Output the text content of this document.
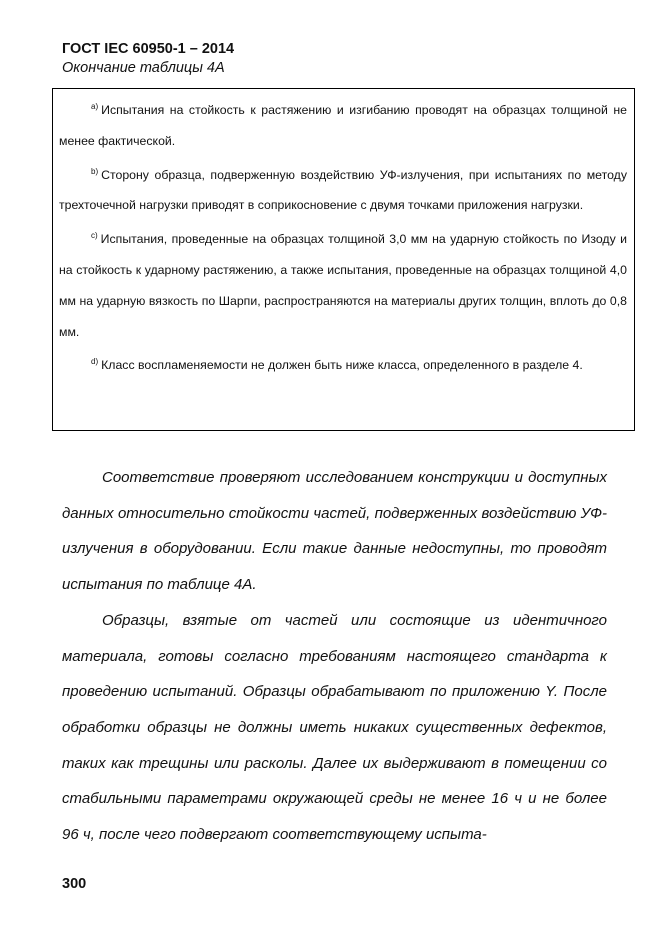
ГОСТ IEC 60950-1 – 2014
Окончание таблицы 4А

$^{a)}$ Испытания на стойкость к растяжению и изгибанию проводят на образцах толщиной не менее фактической.

$^{b)}$ Сторону образца, подверженную воздействию УФ-излучения, при испытаниях по методу трехточечной нагрузки приводят в соприкосновение с двумя точками приложения нагрузки.

$^{c)}$ Испытания, проведенные на образцах толщиной 3,0 мм на ударную стойкость по Изоду и на стойкость к ударному растяжению, а также испытания, проведенные на образцах толщиной 4,0 мм на ударную вязкость по Шарпи, распространяются на материалы других толщин, вплоть до 0,8 мм.

$^{d)}$ Класс воспламеняемости не должен быть ниже класса, определенного в разделе 4.

Соответствие проверяют исследованием конструкции и доступных данных относительно стойкости частей, подверженных воздействию УФ-излучения в оборудовании. Если такие данные недоступны, то проводят испытания по таблице 4А.

Образцы, взятые от частей или состоящие из идентичного материала, готовы согласно требованиям настоящего стандарта к проведению испытаний. Образцы обрабатывают по приложению Y. После обработки образцы не должны иметь никаких существенных дефектов, таких как трещины или расколы. Далее их выдерживают в помещении со стабильными параметрами окружающей среды не менее 16 ч и не более 96 ч, после чего подвергают соответствующему испыта-

300
